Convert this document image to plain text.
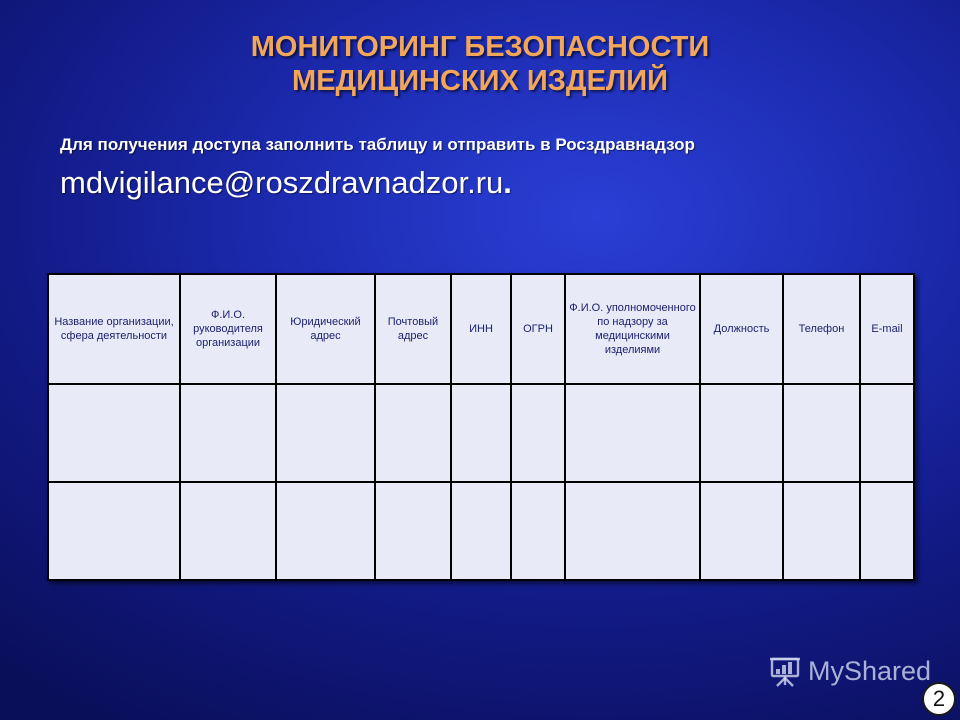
МОНИТОРИНГ БЕЗОПАСНОСТИ
МЕДИЦИНСКИХ ИЗДЕЛИЙ
Для получения доступа заполнить таблицу и отправить в Росздравнадзор
mdvigilance@roszdravnadzor.ru.
Название организации, сфера деятельности	Ф.И.О. руководителя организации	Юридический адрес	Почтовый адрес	ИНН	ОГРН	Ф.И.О. уполномоченного по надзору за медицинскими изделиями	Должность	Телефон	E-mail

MyShared
2
